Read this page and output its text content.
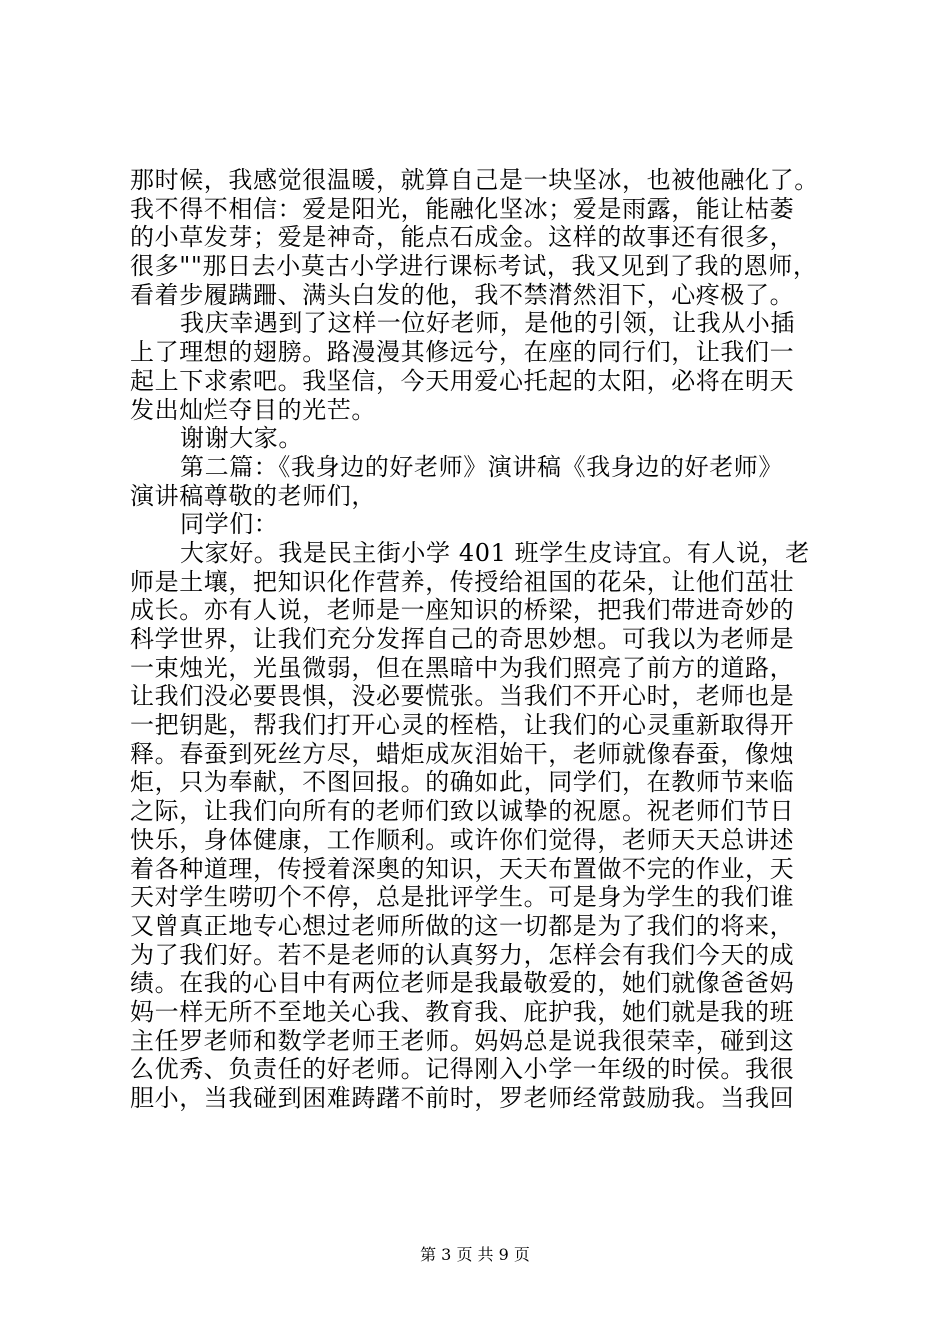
那时候，我感觉很温暖，就算自己是一块坚冰，也被他融化了。
我不得不相信：爱是阳光，能融化坚冰；爱是雨露，能让枯萎
的小草发芽；爱是神奇，能点石成金。这样的故事还有很多，
很多""那日去小莫古小学进行课标考试，我又见到了我的恩师，
看着步履蹒跚、满头白发的他，我不禁潸然泪下，心疼极了。
我庆幸遇到了这样一位好老师，是他的引领，让我从小插
上了理想的翅膀。路漫漫其修远兮，在座的同行们，让我们一
起上下求索吧。我坚信，今天用爱心托起的太阳，必将在明天
发出灿烂夺目的光芒。
谢谢大家。
第二篇：《我身边的好老师》演讲稿《我身边的好老师》
演讲稿尊敬的老师们，
同学们：
大家好。我是民主街小学 401 班学生皮诗宜。有人说，老
师是土壤，把知识化作营养，传授给祖国的花朵，让他们茁壮
成长。亦有人说，老师是一座知识的桥梁，把我们带进奇妙的
科学世界，让我们充分发挥自己的奇思妙想。可我以为老师是
一束烛光，光虽微弱，但在黑暗中为我们照亮了前方的道路，
让我们没必要畏惧，没必要慌张。当我们不开心时，老师也是
一把钥匙，帮我们打开心灵的桎梏，让我们的心灵重新取得开
释。春蚕到死丝方尽，蜡炬成灰泪始干，老师就像春蚕，像烛
炬，只为奉献，不图回报。的确如此，同学们，在教师节来临
之际，让我们向所有的老师们致以诚挚的祝愿。祝老师们节日
快乐，身体健康，工作顺利。或许你们觉得，老师天天总讲述
着各种道理，传授着深奥的知识，天天布置做不完的作业，天
天对学生唠叨个不停，总是批评学生。可是身为学生的我们谁
又曾真正地专心想过老师所做的这一切都是为了我们的将来，
为了我们好。若不是老师的认真努力，怎样会有我们今天的成
绩。在我的心目中有两位老师是我最敬爱的，她们就像爸爸妈
妈一样无所不至地关心我、教育我、庇护我，她们就是我的班
主任罗老师和数学老师王老师。妈妈总是说我很荣幸，碰到这
么优秀、负责任的好老师。记得刚入小学一年级的时侯。我很
胆小，当我碰到困难踌躇不前时，罗老师经常鼓励我。当我回
第 3 页 共 9 页
